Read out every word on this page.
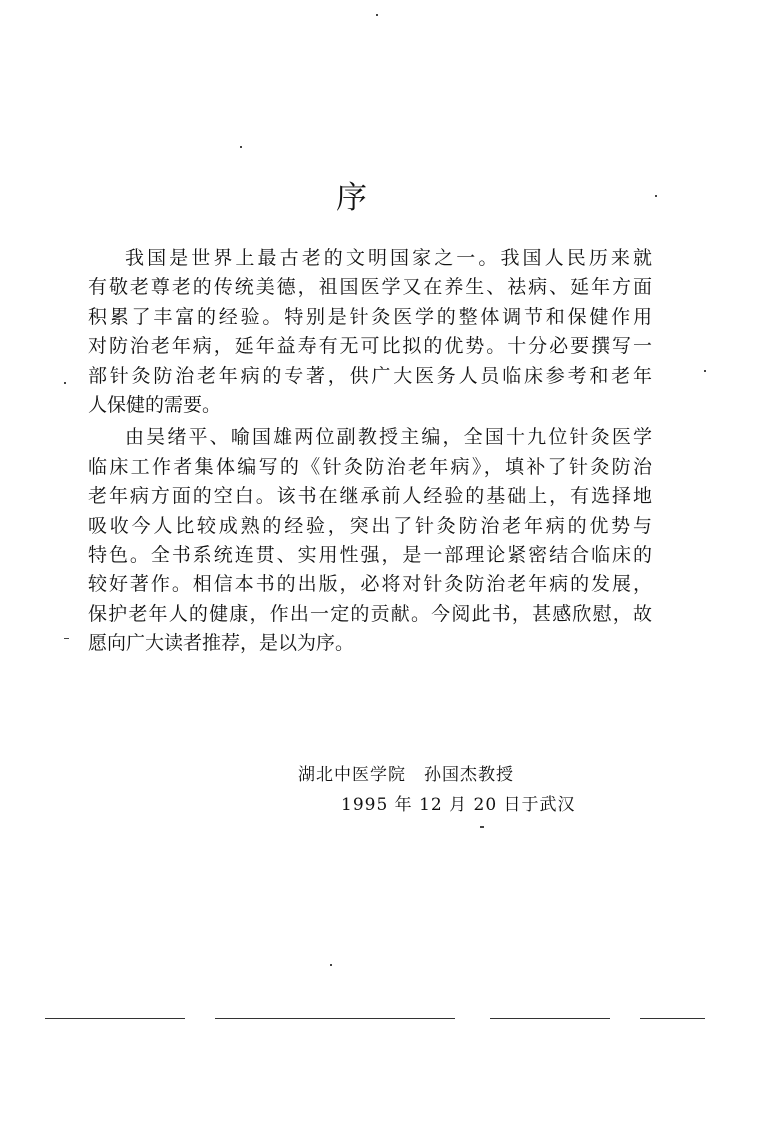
序
我国是世界上最古老的文明国家之一。我国人民历来就
有敬老尊老的传统美德，祖国医学又在养生、祛病、延年方面
积累了丰富的经验。特别是针灸医学的整体调节和保健作用
对防治老年病，延年益寿有无可比拟的优势。十分必要撰写一
部针灸防治老年病的专著，供广大医务人员临床参考和老年
人保健的需要。
由吴绪平、喻国雄两位副教授主编，全国十九位针灸医学
临床工作者集体编写的《针灸防治老年病》，填补了针灸防治
老年病方面的空白。该书在继承前人经验的基础上，有选择地
吸收今人比较成熟的经验，突出了针灸防治老年病的优势与
特色。全书系统连贯、实用性强，是一部理论紧密结合临床的
较好著作。相信本书的出版，必将对针灸防治老年病的发展，
保护老年人的健康，作出一定的贡献。今阅此书，甚感欣慰，故
愿向广大读者推荐，是以为序。
湖北中医学院　孙国杰教授
1995 年 12 月 20 日于武汉
